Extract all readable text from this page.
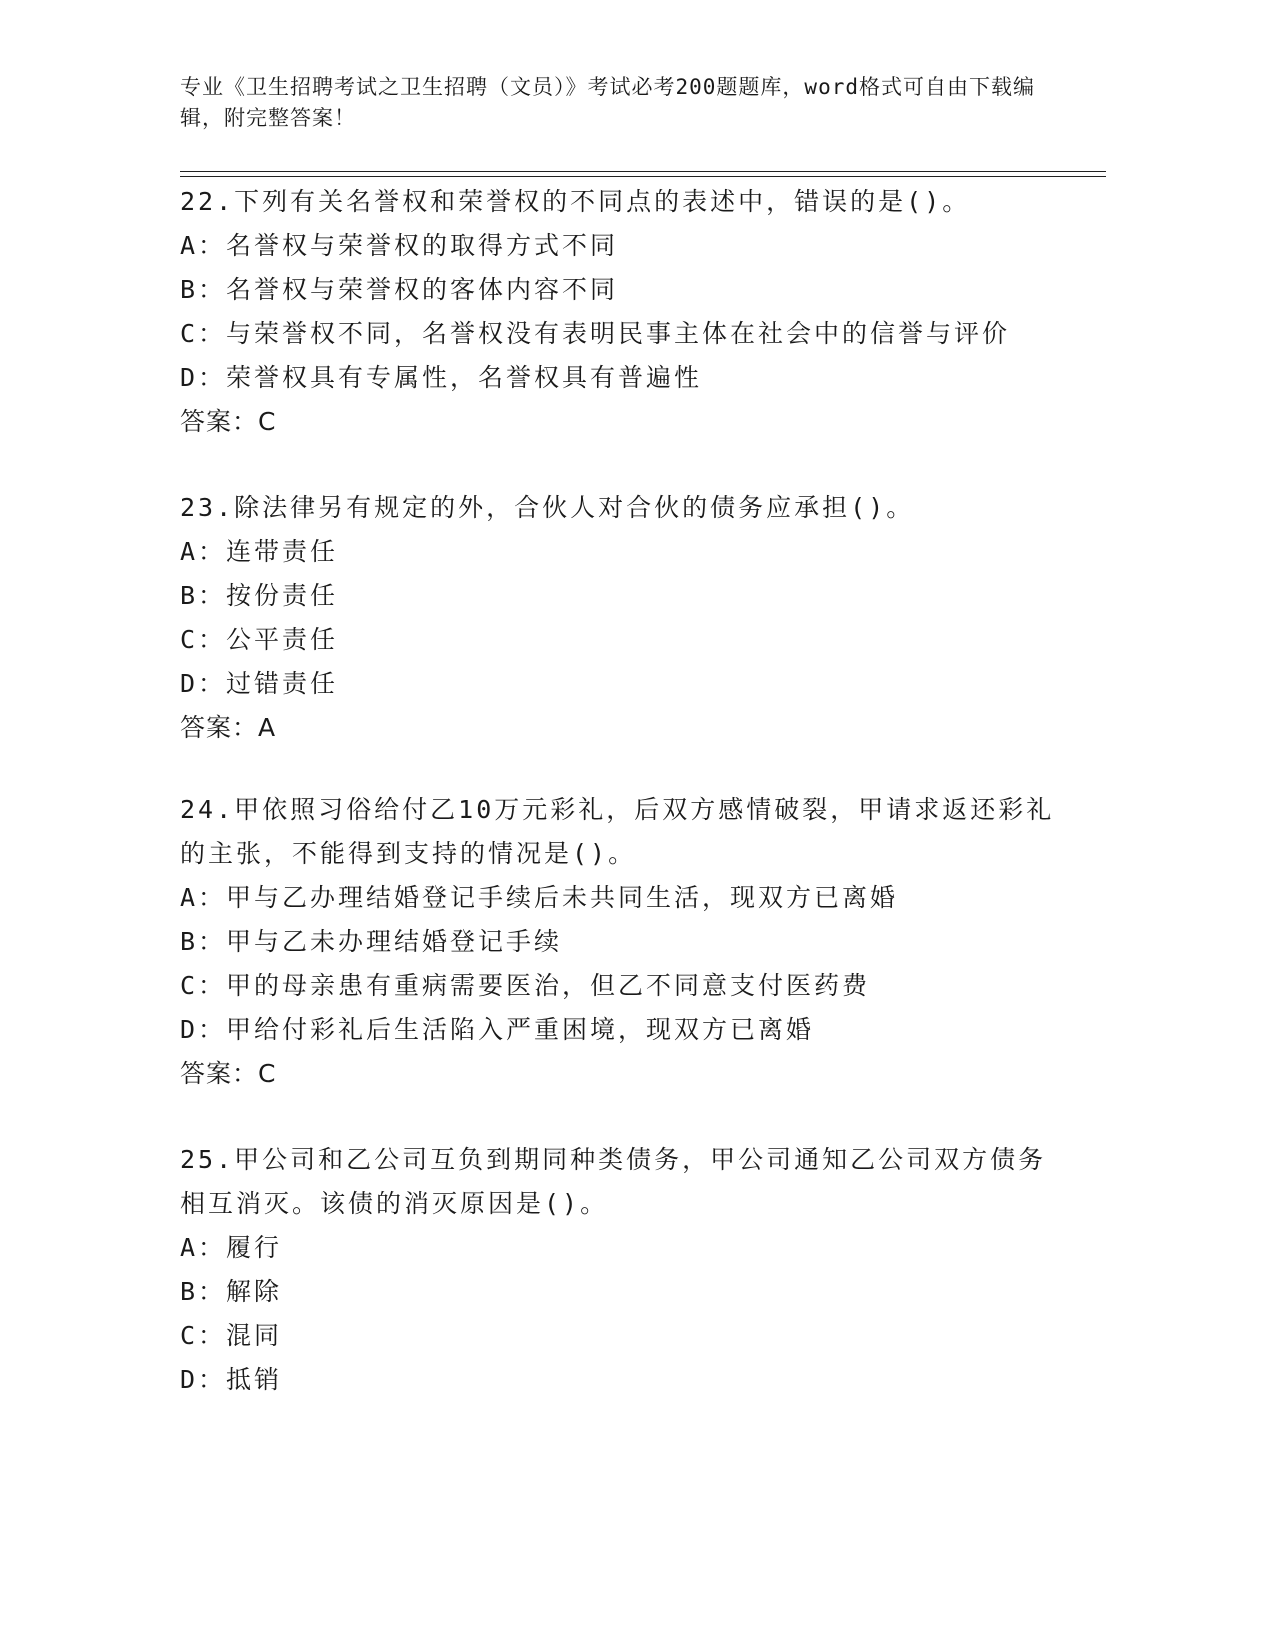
专业《卫生招聘考试之卫生招聘（文员）》考试必考200题题库，word格式可自由下载编辑，附完整答案！
22.下列有关名誉权和荣誉权的不同点的表述中，错误的是()。
A：名誉权与荣誉权的取得方式不同
B：名誉权与荣誉权的客体内容不同
C：与荣誉权不同，名誉权没有表明民事主体在社会中的信誉与评价
D：荣誉权具有专属性，名誉权具有普遍性
答案：C
23.除法律另有规定的外，合伙人对合伙的债务应承担()。
A：连带责任
B：按份责任
C：公平责任
D：过错责任
答案：A
24.甲依照习俗给付乙10万元彩礼，后双方感情破裂，甲请求返还彩礼的主张，不能得到支持的情况是()。
A：甲与乙办理结婚登记手续后未共同生活，现双方已离婚
B：甲与乙未办理结婚登记手续
C：甲的母亲患有重病需要医治，但乙不同意支付医药费
D：甲给付彩礼后生活陷入严重困境，现双方已离婚
答案：C
25.甲公司和乙公司互负到期同种类债务，甲公司通知乙公司双方债务相互消灭。该债的消灭原因是()。
A：履行
B：解除
C：混同
D：抵销
